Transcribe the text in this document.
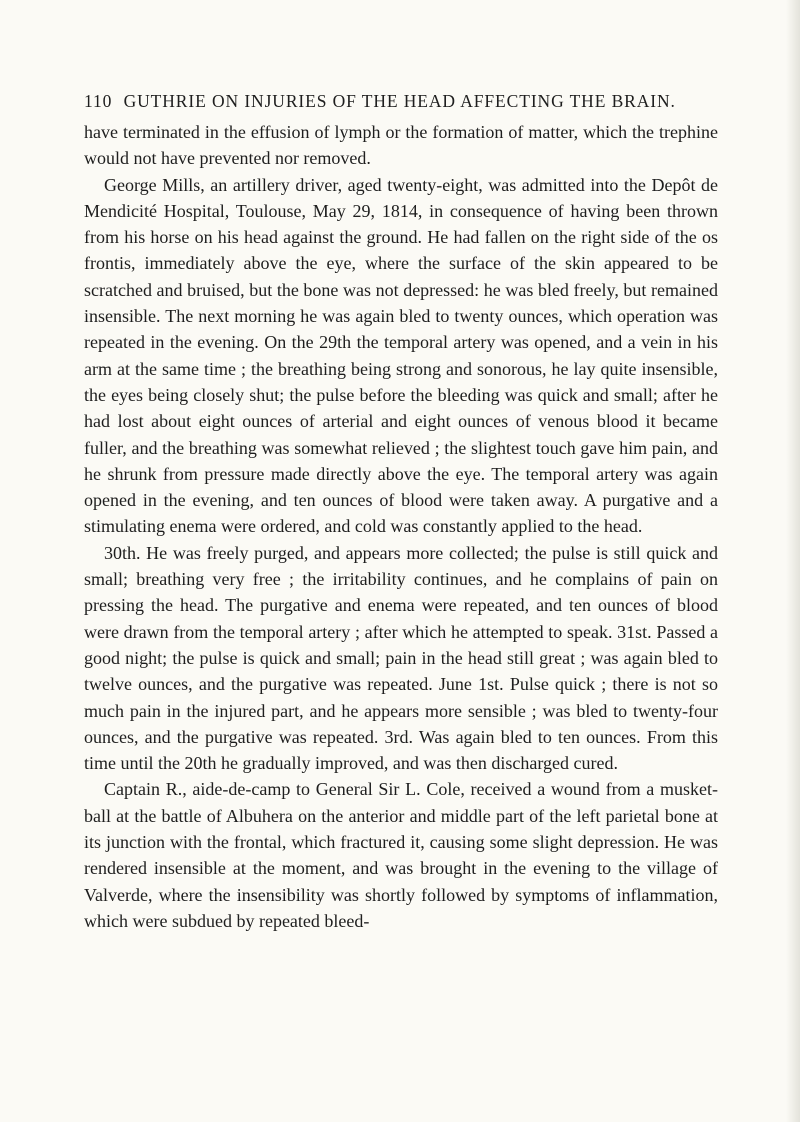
110 GUTHRIE ON INJURIES OF THE HEAD AFFECTING THE BRAIN.

have terminated in the effusion of lymph or the formation of matter, which the trephine would not have prevented nor removed.

George Mills, an artillery driver, aged twenty-eight, was admitted into the Depôt de Mendicité Hospital, Toulouse, May 29, 1814, in consequence of having been thrown from his horse on his head against the ground. He had fallen on the right side of the os frontis, immediately above the eye, where the surface of the skin appeared to be scratched and bruised, but the bone was not depressed: he was bled freely, but remained insensible. The next morning he was again bled to twenty ounces, which operation was repeated in the evening. On the 29th the temporal artery was opened, and a vein in his arm at the same time ; the breathing being strong and sonorous, he lay quite insensible, the eyes being closely shut; the pulse before the bleeding was quick and small; after he had lost about eight ounces of arterial and eight ounces of venous blood it became fuller, and the breathing was somewhat relieved ; the slightest touch gave him pain, and he shrunk from pressure made directly above the eye. The temporal artery was again opened in the evening, and ten ounces of blood were taken away. A purgative and a stimulating enema were ordered, and cold was constantly applied to the head.

30th. He was freely purged, and appears more collected; the pulse is still quick and small; breathing very free ; the irritability continues, and he complains of pain on pressing the head. The purgative and enema were repeated, and ten ounces of blood were drawn from the temporal artery ; after which he attempted to speak. 31st. Passed a good night; the pulse is quick and small; pain in the head still great ; was again bled to twelve ounces, and the purgative was repeated. June 1st. Pulse quick ; there is not so much pain in the injured part, and he appears more sensible ; was bled to twenty-four ounces, and the purgative was repeated. 3rd. Was again bled to ten ounces. From this time until the 20th he gradually improved, and was then discharged cured.

Captain R., aide-de-camp to General Sir L. Cole, received a wound from a musket-ball at the battle of Albuhera on the anterior and middle part of the left parietal bone at its junction with the frontal, which fractured it, causing some slight depression. He was rendered insensible at the moment, and was brought in the evening to the village of Valverde, where the insensibility was shortly followed by symptoms of inflammation, which were subdued by repeated bleed-
